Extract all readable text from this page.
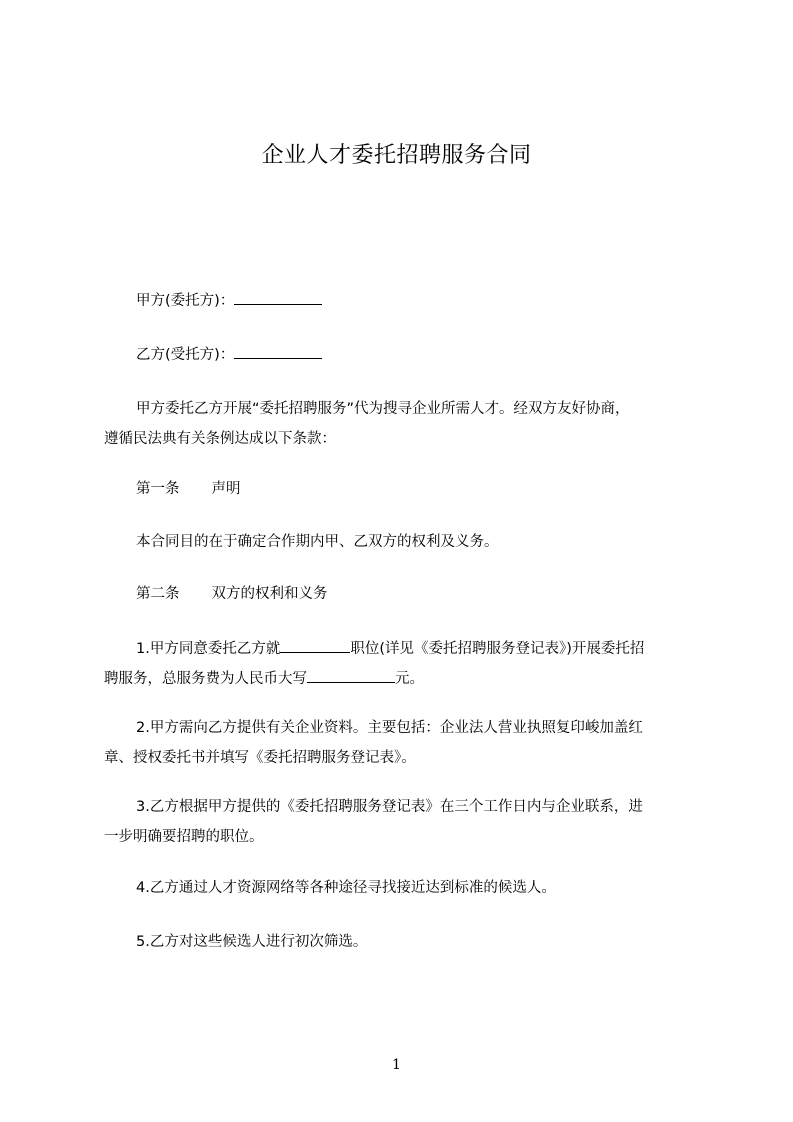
企业人才委托招聘服务合同
甲方(委托方)：
乙方(受托方)：
甲方委托乙方开展“委托招聘服务”代为搜寻企业所需人才。经双方友好协商，
遵循民法典有关条例达成以下条款：
第一条 声明
本合同目的在于确定合作期内甲、乙双方的权利及义务。
第二条 双方的权利和义务
1.甲方同意委托乙方就	职位(详见《委托招聘服务登记表》)开展委托招
聘服务，总服务费为人民币大写	元。
2.甲方需向乙方提供有关企业资料。主要包括：企业法人营业执照复印峻加盖红
章、授权委托书并填写《委托招聘服务登记表》。
3.乙方根据甲方提供的《委托招聘服务登记表》在三个工作日内与企业联系，进
一步明确要招聘的职位。
4.乙方通过人才资源网络等各种途径寻找接近达到标准的候选人。
5.乙方对这些候选人进行初次筛选。
1
